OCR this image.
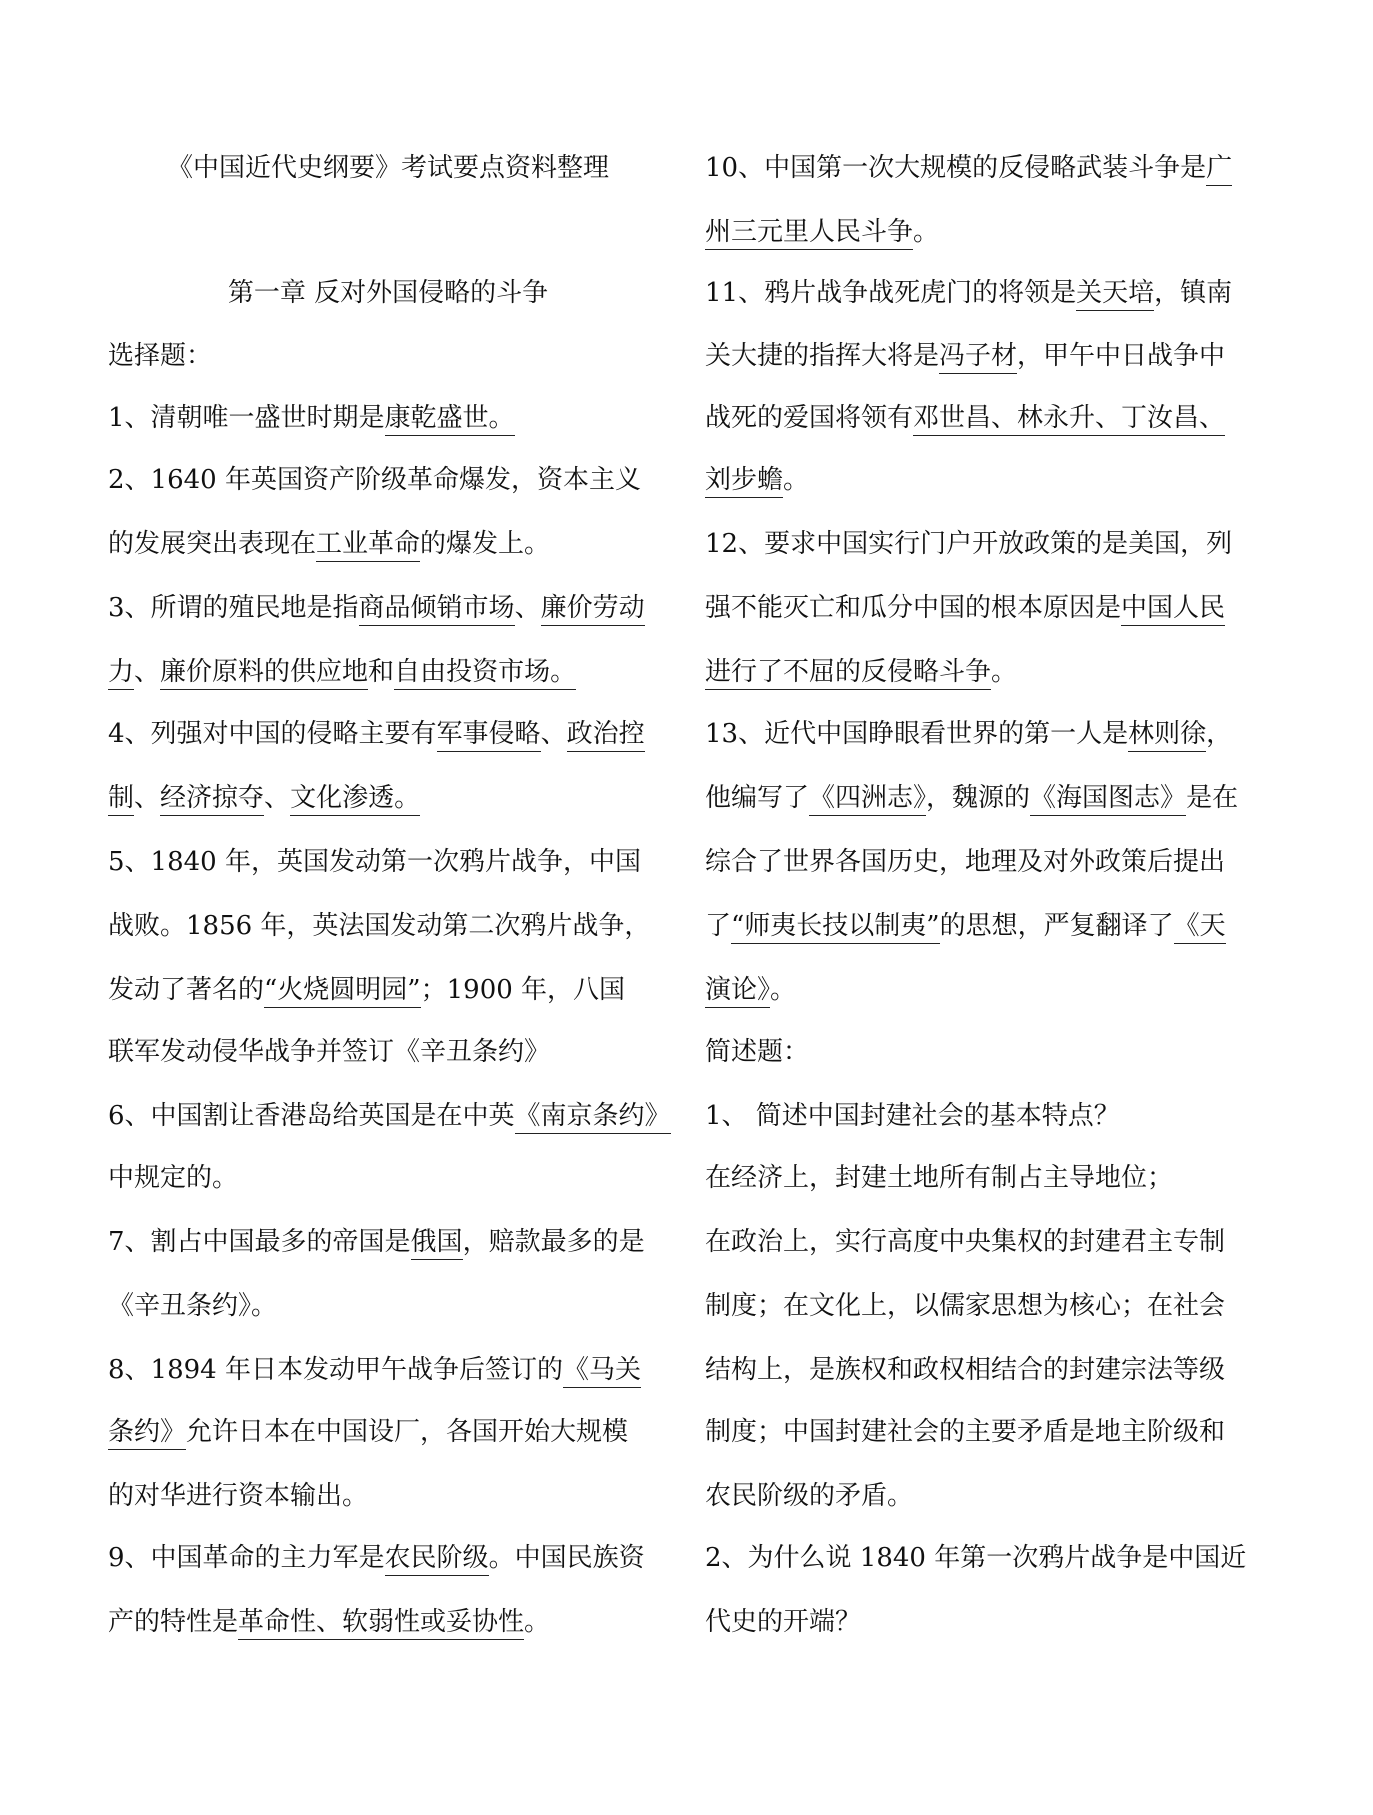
《中国近代史纲要》考试要点资料整理
第一章 反对外国侵略的斗争
选择题：
1、清朝唯一盛世时期是康乾盛世。
2、1640 年英国资产阶级革命爆发，资本主义
的发展突出表现在工业革命的爆发上。
3、所谓的殖民地是指商品倾销市场、廉价劳动
力、廉价原料的供应地和自由投资市场。
4、列强对中国的侵略主要有军事侵略、政治控
制、经济掠夺、文化渗透。
5、1840 年，英国发动第一次鸦片战争，中国
战败。1856 年，英法国发动第二次鸦片战争，
发动了著名的“火烧圆明园”；1900 年，八国
联军发动侵华战争并签订《辛丑条约》
6、中国割让香港岛给英国是在中英《南京条约》
中规定的。
7、割占中国最多的帝国是俄国，赔款最多的是
《辛丑条约》。
8、1894 年日本发动甲午战争后签订的《马关
条约》允许日本在中国设厂，各国开始大规模
的对华进行资本输出。
9、中国革命的主力军是农民阶级。中国民族资
产的特性是革命性、软弱性或妥协性。
10、中国第一次大规模的反侵略武装斗争是广
州三元里人民斗争。
11、鸦片战争战死虎门的将领是关天培，镇南
关大捷的指挥大将是冯子材，甲午中日战争中
战死的爱国将领有邓世昌、林永升、丁汝昌、
刘步蟾。
12、要求中国实行门户开放政策的是美国，列
强不能灭亡和瓜分中国的根本原因是中国人民
进行了不屈的反侵略斗争。
13、近代中国睁眼看世界的第一人是林则徐，
他编写了《四洲志》，魏源的《海国图志》是在
综合了世界各国历史，地理及对外政策后提出
了“师夷长技以制夷”的思想，严复翻译了《天
演论》。
简述题：
1、 简述中国封建社会的基本特点？
在经济上，封建土地所有制占主导地位；
在政治上，实行高度中央集权的封建君主专制
制度；在文化上，以儒家思想为核心；在社会
结构上，是族权和政权相结合的封建宗法等级
制度；中国封建社会的主要矛盾是地主阶级和
农民阶级的矛盾。
2、为什么说 1840 年第一次鸦片战争是中国近
代史的开端？
